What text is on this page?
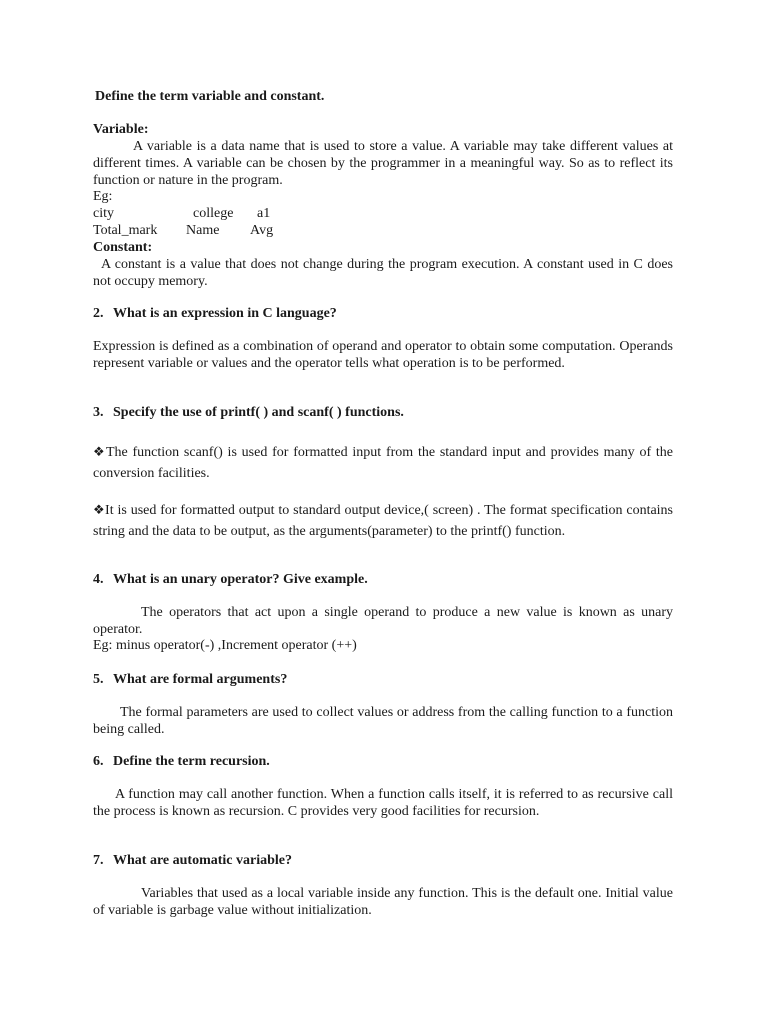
Define the term variable and constant.

Variable:

A variable is a data name that is used to store a value. A variable may take different values at different times. A variable can be chosen by the programmer in a meaningful way. So as to reflect its function or nature in the program.

Eg:

city	college a1
Total_mark Name Avg

Constant:

A constant is a value that does not change during the program execution. A constant used in C does not occupy memory.

2. What is an expression in C language?

Expression is defined as a combination of operand and operator to obtain some computation. Operands represent variable or values and the operator tells what operation is to be performed.

3. Specify the use of printf( ) and scanf( ) functions.

❖The function scanf() is used for formatted input from the standard input and provides many of the conversion facilities.

❖It is used for formatted output to standard output device,( screen) . The format specification contains string and the data to be output, as the arguments(parameter) to the printf() function.

4. What is an unary operator? Give example.

The operators that act upon a single operand to produce a new value is known as unary operator.

Eg: minus operator(-) ,Increment operator (++)

5. What are formal arguments?

The formal parameters are used to collect values or address from the calling function to a function being called.

6. Define the term recursion.

A function may call another function. When a function calls itself, it is referred to as recursive call the process is known as recursion. C provides very good facilities for recursion.

7. What are automatic variable?

Variables that used as a local variable inside any function. This is the default one. Initial value of variable is garbage value without initialization.
